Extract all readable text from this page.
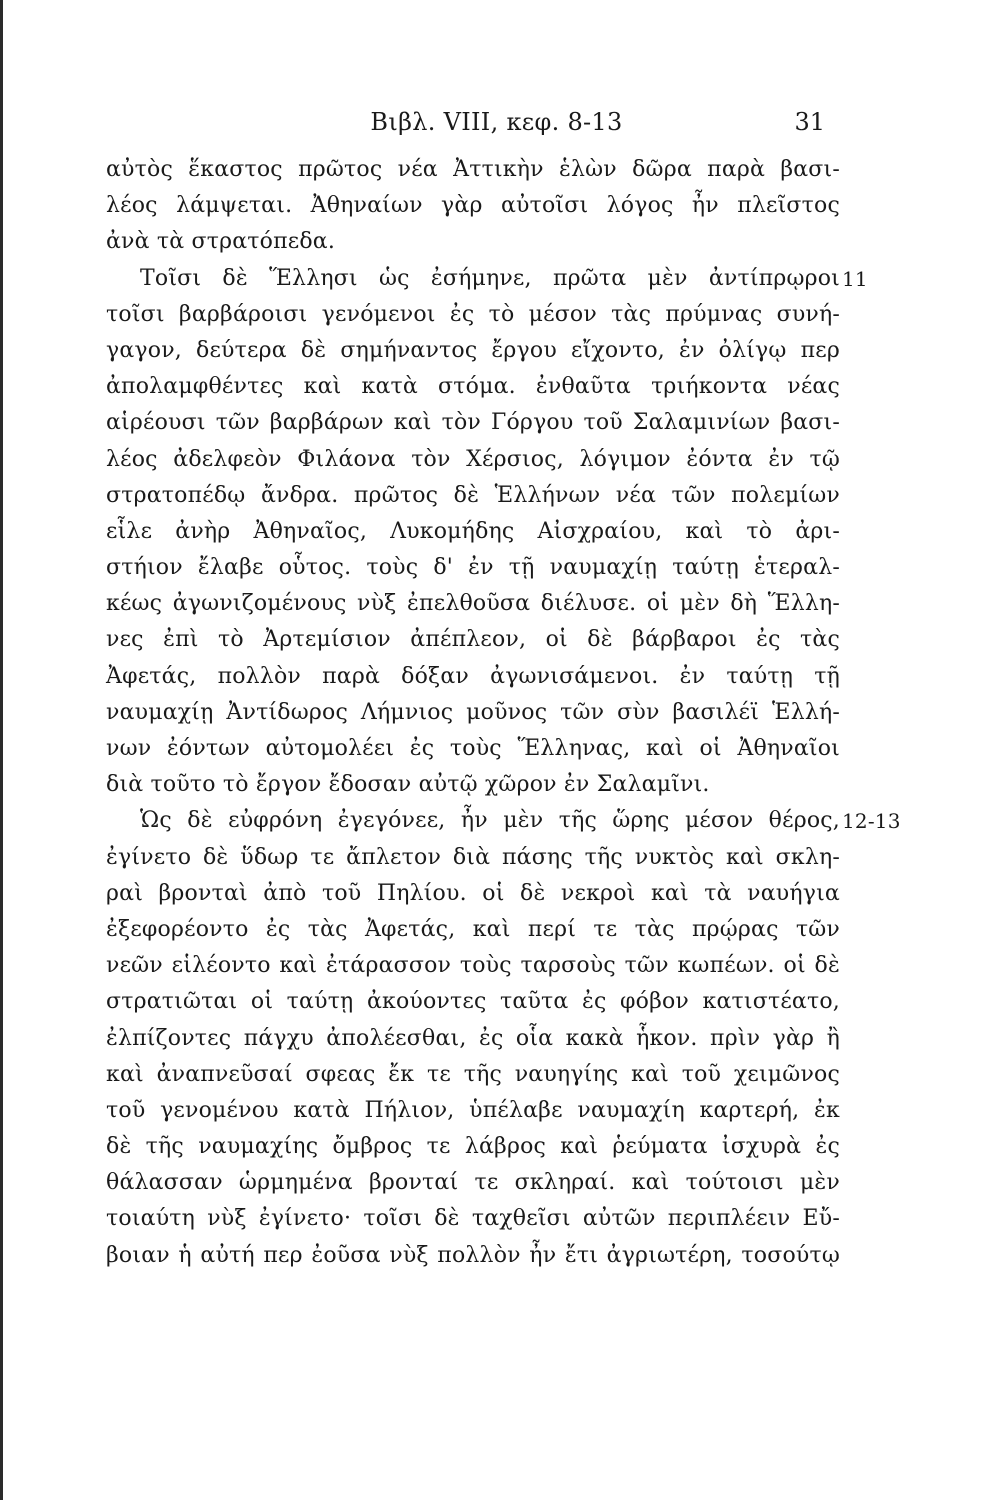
Βιβλ. VIII, κεφ. 8-13	31
αὐτὸς ἕκαστος πρῶτος νέα Ἀττικὴν ἑλὼν δῶρα παρὰ βασι-
λέος λάμψεται. Ἀθηναίων γὰρ αὐτοῖσι λόγος ἦν πλεῖστος
ἀνὰ τὰ στρατόπεδα.
Τοῖσι δὲ Ἕλλησι ὡς ἐσήμηνε, πρῶτα μὲν ἀντίπρῳροι 11
τοῖσι βαρβάροισι γενόμενοι ἐς τὸ μέσον τὰς πρύμνας συνή-
γαγον, δεύτερα δὲ σημήναντος ἔργου εἴχοντο, ἐν ὀλίγῳ περ
ἀπολαμφθέντες καὶ κατὰ στόμα. ἐνθαῦτα τριήκοντα νέας
αἱρέουσι τῶν βαρβάρων καὶ τὸν Γόργου τοῦ Σαλαμινίων βασι-
λέος ἀδελφεὸν Φιλάονα τὸν Χέρσιος, λόγιμον ἐόντα ἐν τῷ
στρατοπέδῳ ἄνδρα. πρῶτος δὲ Ἑλλήνων νέα τῶν πολεμίων
εἷλε ἀνὴρ Ἀθηναῖος, Λυκομήδης Αἰσχραίου, καὶ τὸ ἀρι-
στήιον ἔλαβε οὗτος. τοὺς δ' ἐν τῇ ναυμαχίῃ ταύτῃ ἑτεραλ-
κέως ἀγωνιζομένους νὺξ ἐπελθοῦσα διέλυσε. οἱ μὲν δὴ Ἕλλη-
νες ἐπὶ τὸ Ἀρτεμίσιον ἀπέπλεον, οἱ δὲ βάρβαροι ἐς τὰς
Ἀφετάς, πολλὸν παρὰ δόξαν ἀγωνισάμενοι. ἐν ταύτῃ τῇ
ναυμαχίῃ Ἀντίδωρος Λήμνιος μοῦνος τῶν σὺν βασιλέϊ Ἑλλή-
νων ἐόντων αὐτομολέει ἐς τοὺς Ἕλληνας, καὶ οἱ Ἀθηναῖοι
διὰ τοῦτο τὸ ἔργον ἔδοσαν αὐτῷ χῶρον ἐν Σαλαμῖνι.
Ὡς δὲ εὐφρόνη ἐγεγόνεε, ἦν μὲν τῆς ὥρης μέσον θέρος, 12-13
ἐγίνετο δὲ ὕδωρ τε ἄπλετον διὰ πάσης τῆς νυκτὸς καὶ σκλη-
ραὶ βρονταὶ ἀπὸ τοῦ Πηλίου. οἱ δὲ νεκροὶ καὶ τὰ ναυήγια
ἐξεφορέοντο ἐς τὰς Ἀφετάς, καὶ περί τε τὰς πρῴρας τῶν
νεῶν εἱλέοντο καὶ ἐτάρασσον τοὺς ταρσοὺς τῶν κωπέων. οἱ δὲ
στρατιῶται οἱ ταύτῃ ἀκούοντες ταῦτα ἐς φόβον κατιστέατο,
ἐλπίζοντες πάγχυ ἀπολέεσθαι, ἐς οἷα κακὰ ἧκον. πρὶν γὰρ ἢ
καὶ ἀναπνεῦσαί σφεας ἔκ τε τῆς ναυηγίης καὶ τοῦ χειμῶνος
τοῦ γενομένου κατὰ Πήλιον, ὑπέλαβε ναυμαχίη καρτερή, ἐκ
δὲ τῆς ναυμαχίης ὄμβρος τε λάβρος καὶ ῥεύματα ἰσχυρὰ ἐς
θάλασσαν ὡρμημένα βρονταί τε σκληραί. καὶ τούτοισι μὲν
τοιαύτη νὺξ ἐγίνετο· τοῖσι δὲ ταχθεῖσι αὐτῶν περιπλέειν Εὔ-
βοιαν ἡ αὐτή περ ἐοῦσα νὺξ πολλὸν ἦν ἔτι ἀγριωτέρη, τοσούτῳ
